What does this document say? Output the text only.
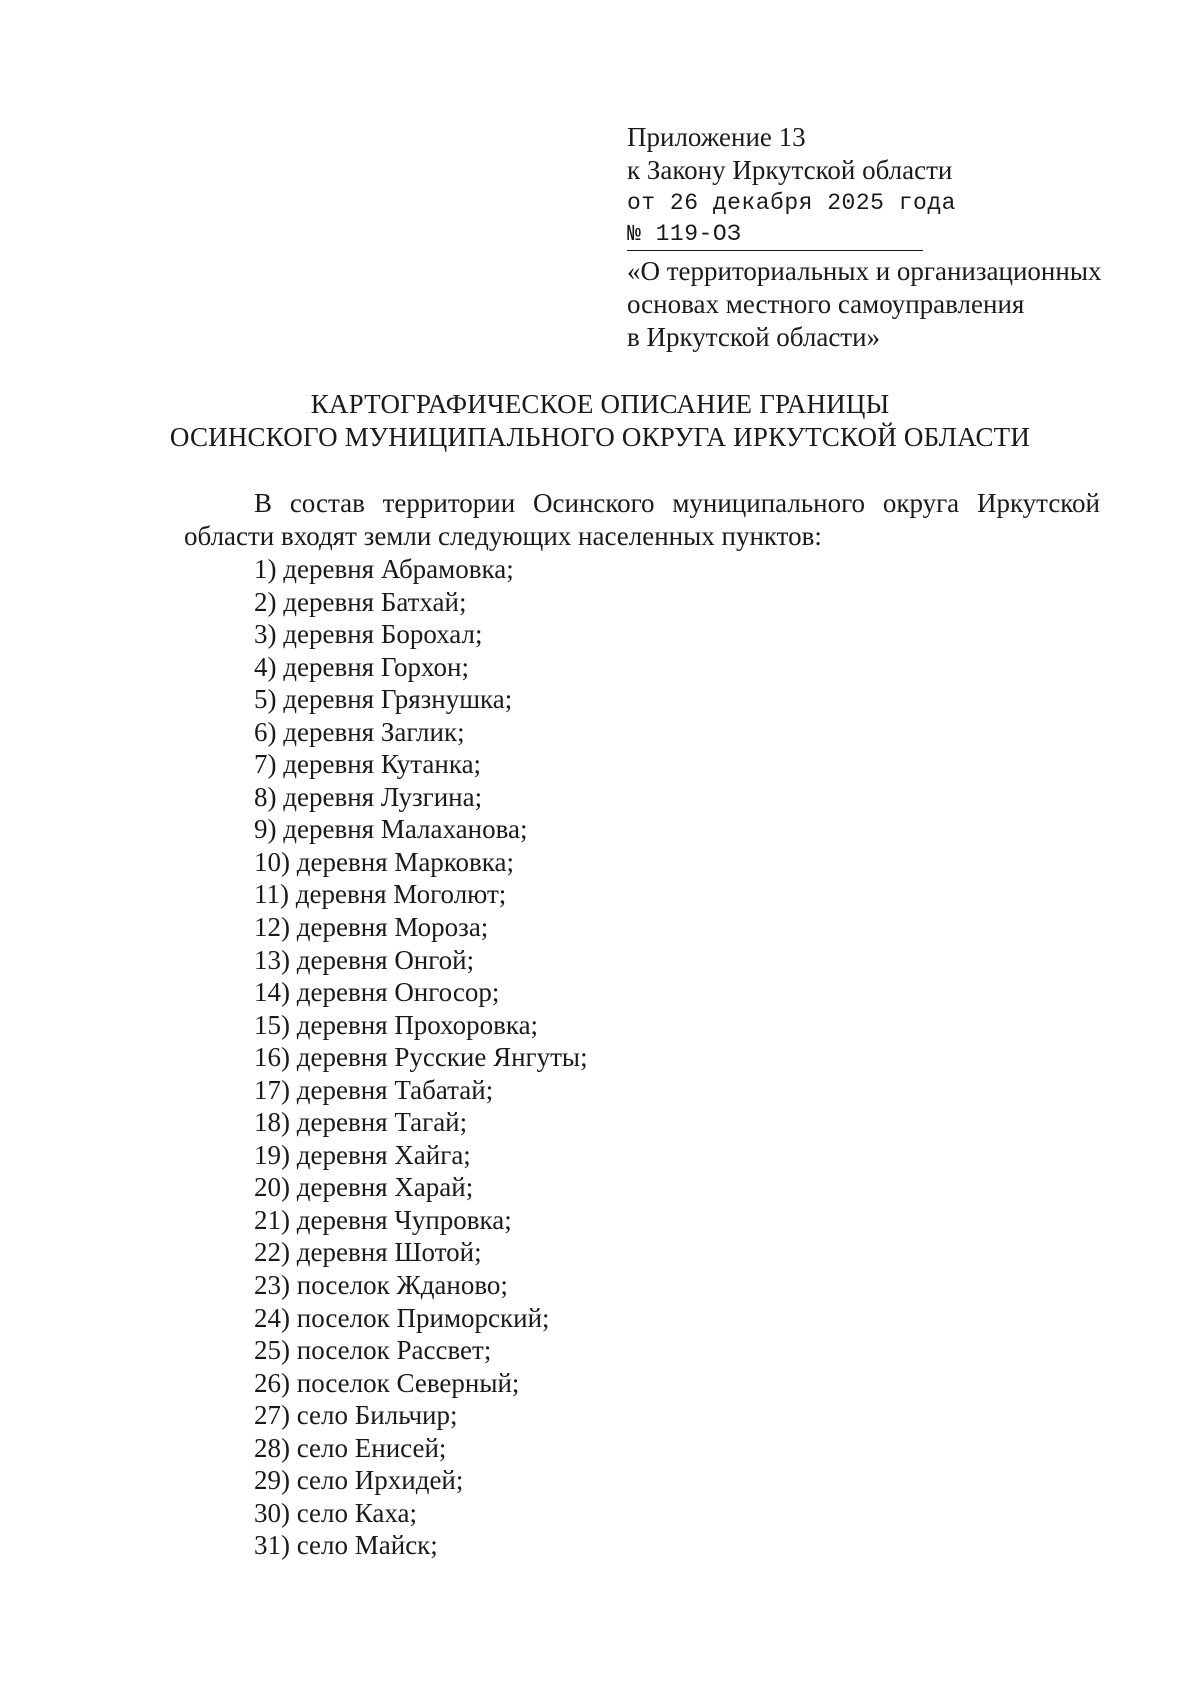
Приложение 13
к Закону Иркутской области
от 26 декабря 2025 года
№ 119-ОЗ
«О территориальных и организационных
основах местного самоуправления
в Иркутской области»
КАРТОГРАФИЧЕСКОЕ ОПИСАНИЕ ГРАНИЦЫ
ОСИНСКОГО МУНИЦИПАЛЬНОГО ОКРУГА ИРКУТСКОЙ ОБЛАСТИ
В состав территории Осинского муниципального округа Иркутской
области входят земли следующих населенных пунктов:
1) деревня Абрамовка;
2) деревня Батхай;
3) деревня Борохал;
4) деревня Горхон;
5) деревня Грязнушка;
6) деревня Заглик;
7) деревня Кутанка;
8) деревня Лузгина;
9) деревня Малаханова;
10) деревня Марковка;
11) деревня Моголют;
12) деревня Мороза;
13) деревня Онгой;
14) деревня Онгосор;
15) деревня Прохоровка;
16) деревня Русские Янгуты;
17) деревня Табатай;
18) деревня Тагай;
19) деревня Хайга;
20) деревня Харай;
21) деревня Чупровка;
22) деревня Шотой;
23) поселок Жданово;
24) поселок Приморский;
25) поселок Рассвет;
26) поселок Северный;
27) село Бильчир;
28) село Енисей;
29) село Ирхидей;
30) село Каха;
31) село Майск;
